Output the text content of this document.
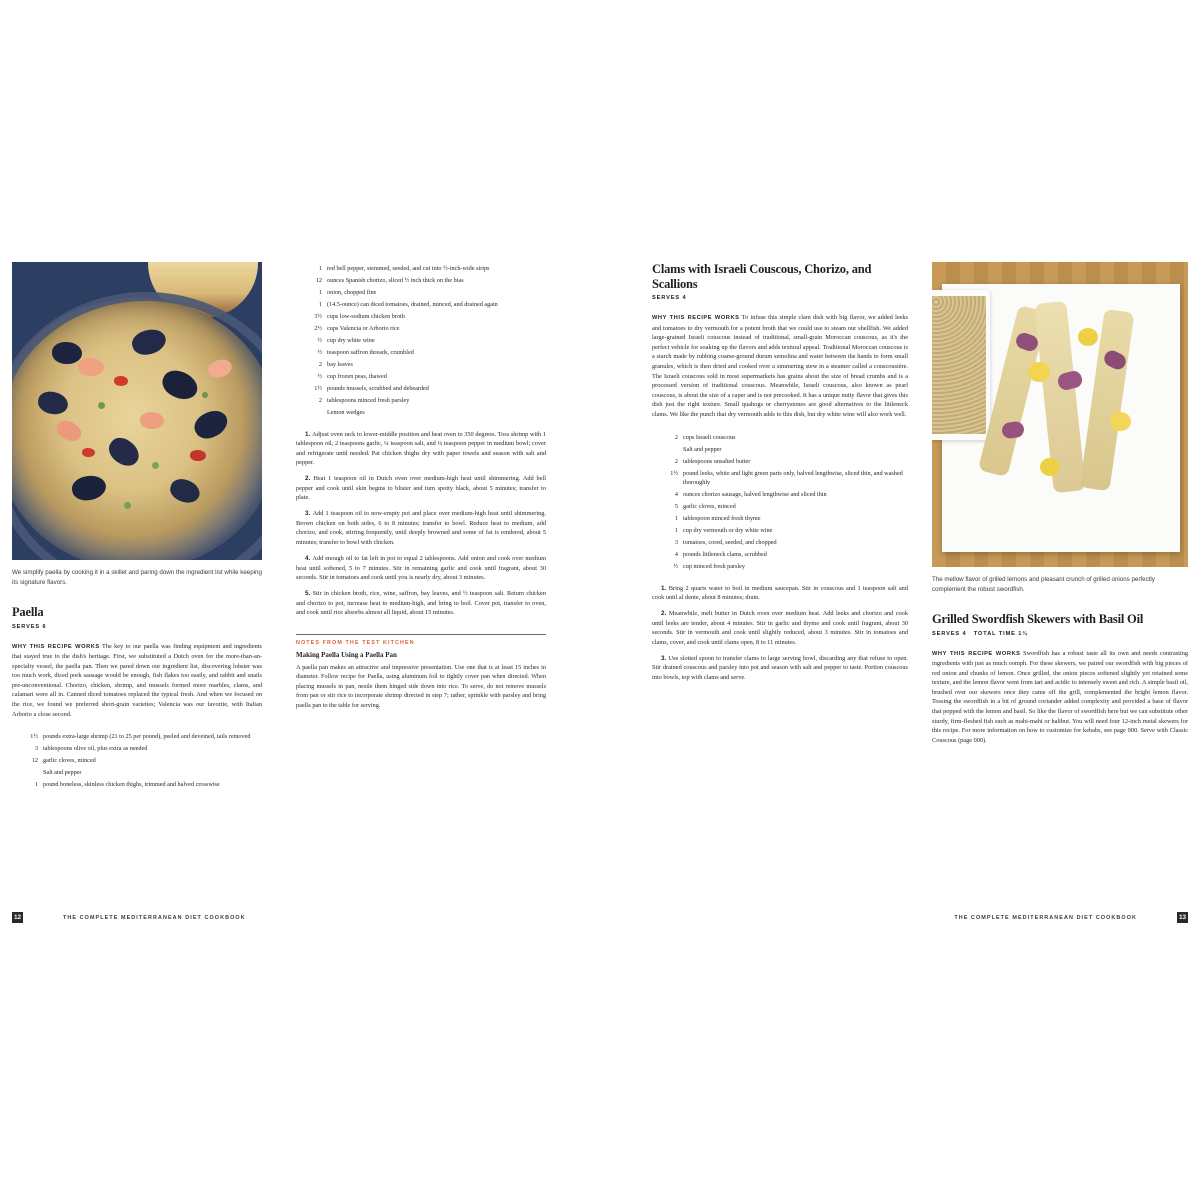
We simplify paella by cooking it in a skillet and paring down the ingredient list while keeping its signature flavors.
Paella
SERVES 6

WHY THIS RECIPE WORKS The key to our paella was finding equipment and ingredients that stayed true to the dish's heritage. First, we substituted a Dutch oven for the more-than-an-specialty vessel, the paella pan. Then we pared down our ingredient list, discovering lobster was too much work, diced pork sausage would be enough, fish flakes too easily, and rabbit and snails pre-unconventional. Chorizo, chicken, shrimp, and mussels formed more marbles, clams, and calamari were all in. Canned diced tomatoes replaced the typical fresh. And when we focused on the rice, we found we preferred short-grain varieties; Valencia was our favorite, with Italian Arborio a close second.

1½ pounds extra-large shrimp (21 to 25 per pound), peeled and deveined, tails removed
3 tablespoons olive oil, plus extra as needed
12 garlic cloves, minced
Salt and pepper
1 pound boneless, skinless chicken thighs, trimmed and halved crosswise
1 red bell pepper, stemmed, seeded, and cut into ½-inch-wide strips
12 ounces Spanish chorizo, sliced ½ inch thick on the bias
1 onion, chopped fine
1 (14.5-ounce) can diced tomatoes, drained, minced, and drained again
3½ cups low-sodium chicken broth
2½ cups Valencia or Arborio rice
½ cup dry white wine
½ teaspoon saffron threads, crumbled
2 bay leaves
½ cup frozen peas, thawed
1½ pounds mussels, scrubbed and debearded
2 tablespoons minced fresh parsley
Lemon wedges

1. Adjust oven rack to lower-middle position and heat oven to 350 degrees. Toss shrimp with 1 tablespoon oil, 2 teaspoons garlic, ¼ teaspoon salt, and ¼ teaspoon pepper in medium bowl; cover and refrigerate until needed. Pat chicken thighs dry with paper towels and season with salt and pepper.

2. Heat 1 teaspoon oil in Dutch oven over medium-high heat until shimmering. Add bell pepper and cook until skin begins to blister and turn spotty black, about 5 minutes; transfer to plate.

3. Add 1 teaspoon oil to now-empty pot and place over medium-high heat until shimmering. Brown chicken on both sides, 6 to 8 minutes; transfer to bowl. Reduce heat to medium, add chorizo, and cook, stirring frequently, until deeply browned and some of fat is rendered, about 5 minutes; transfer to bowl with chicken.

4. Add enough oil to fat left in pot to equal 2 tablespoons. Add onion and cook over medium heat until softened, 5 to 7 minutes. Stir in remaining garlic and cook until fragrant, about 30 seconds. Stir in tomatoes and cook until you is nearly dry, about 3 minutes.

5. Stir in chicken broth, rice, wine, saffron, bay leaves, and ½ teaspoon salt. Return chicken and chorizo to pot, increase heat to medium-high, and bring to boil. Cover pot, transfer to oven, and cook until rice absorbs almost all liquid, about 15 minutes.

NOTES FROM THE TEST KITCHEN
Making Paella Using a Paella Pan
A paella pan makes an attractive and impressive presentation. Use one that is at least 15 inches in diameter. Follow recipe for Paella, using aluminum foil to tightly cover pan when directed. When placing mussels in pan, nestle them hinged side down into rice. To serve, do not remove mussels from pan or stir rice to incorporate shrimp directed in step 7; rather, sprinkle with parsley and bring paella pan to the table for serving.
Clams with Israeli Couscous, Chorizo, and Scallions
SERVES 4

WHY THIS RECIPE WORKS To infuse this simple clam dish with big flavor, we added leeks and tomatoes to dry vermouth for a potent broth that we could use to steam our shellfish. We added large-grained Israeli couscous instead of traditional, small-grain Moroccan couscous, as it's the perfect vehicle for soaking up the flavors and adds textural appeal. Traditional Moroccan couscous is a starch made by rubbing coarse-ground durum semolina and water between the hands to form small granules, which is then dried and cooked over a simmering stew in a steamer called a couscousière. The Israeli couscous sold in most supermarkets has grains about the size of bread crumbs and is a processed version of traditional couscous. Meanwhile, Israeli couscous, also known as pearl couscous, is about the size of a caper and is not precooked. It has a unique nutty flavor that gives this dish just the right texture. Small quahogs or cherrystones are good alternatives to the littleneck clams. We like the punch that dry vermouth adds to this dish, but dry white wine will also work well.

2 cups Israeli couscous
Salt and pepper
2 tablespoons unsalted butter
1½ pound leeks, white and light green parts only, halved lengthwise, sliced thin, and washed thoroughly
4 ounces chorizo sausage, halved lengthwise and sliced thin
5 garlic cloves, minced
1 tablespoon minced fresh thyme
1 cup dry vermouth or dry white wine
3 tomatoes, cored, seeded, and chopped
4 pounds littleneck clams, scrubbed
½ cup minced fresh parsley

1. Bring 2 quarts water to boil in medium saucepan. Stir in couscous and 1 teaspoon salt and cook until al dente, about 8 minutes; drain.

2. Meanwhile, melt butter in Dutch oven over medium heat. Add leeks and chorizo and cook until leeks are tender, about 4 minutes. Stir in garlic and thyme and cook until fragrant, about 30 seconds. Stir in vermouth and cook until slightly reduced, about 3 minutes. Stir in tomatoes and clams, cover, and cook until clams open, 8 to 11 minutes.

3. Use slotted spoon to transfer clams to large serving bowl, discarding any that refuse to open. Stir drained couscous and parsley into pot and season with salt and pepper to taste. Portion couscous into bowls, top with clams and serve.

The mellow flavor of grilled lemons and pleasant crunch of grilled onions perfectly complement the robust swordfish.
Grilled Swordfish Skewers with Basil Oil
SERVES 4 TOTAL TIME 1¼

WHY THIS RECIPE WORKS Swordfish has a robust taste all its own and needs contrasting ingredients with just as much oomph. For these skewers, we paired our swordfish with big pieces of red onion and chunks of lemon. Once grilled, the onion pieces softened slightly yet retained some texture, and the lemon flavor went from tart and acidic to intensely sweet and rich. A simple basil oil, brushed over our skewers once they came off the grill, complemented the bright lemon flavor. Tossing the swordfish in a bit of ground coriander added complexity and provided a base of flavor that popped with the lemon and basil. So like the flavor of swordfish here but we can substitute other sturdy, firm-fleshed fish such as mahi-mahi or halibut. You will need four 12-inch metal skewers for this recipe. For more information on how to customize for kebabs, see page 000. Serve with Classic Couscous (page 000).

12	THE COMPLETE MEDITERRANEAN DIET COOKBOOK	THE COMPLETE MEDITERRANEAN DIET COOKBOOK	13
